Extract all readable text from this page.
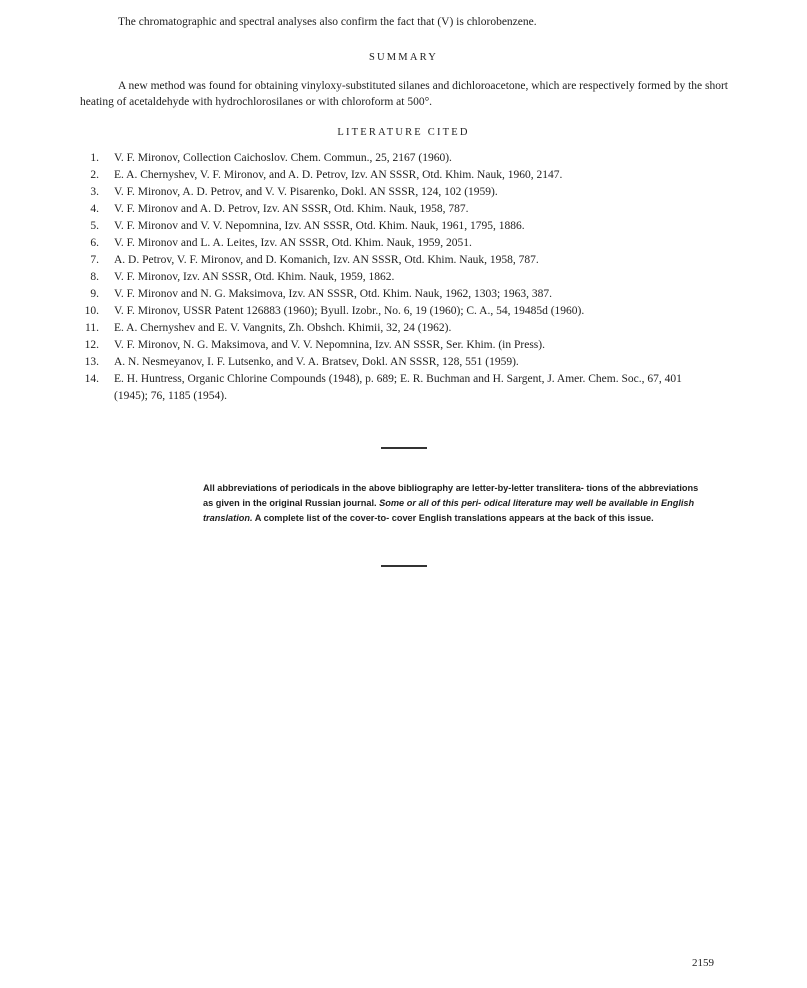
The chromatographic and spectral analyses also confirm the fact that (V) is chlorobenzene.
SUMMARY
A new method was found for obtaining vinyloxy-substituted silanes and dichloroacetone, which are respectively formed by the short heating of acetaldehyde with hydrochlorosilanes or with chloroform at 500°.
LITERATURE CITED
1. V. F. Mironov, Collection Caichoslov. Chem. Commun., 25, 2167 (1960).
2. E. A. Chernyshev, V. F. Mironov, and A. D. Petrov, Izv. AN SSSR, Otd. Khim. Nauk, 1960, 2147.
3. V. F. Mironov, A. D. Petrov, and V. V. Pisarenko, Dokl. AN SSSR, 124, 102 (1959).
4. V. F. Mironov and A. D. Petrov, Izv. AN SSSR, Otd. Khim. Nauk, 1958, 787.
5. V. F. Mironov and V. V. Nepomnina, Izv. AN SSSR, Otd. Khim. Nauk, 1961, 1795, 1886.
6. V. F. Mironov and L. A. Leites, Izv. AN SSSR, Otd. Khim. Nauk, 1959, 2051.
7. A. D. Petrov, V. F. Mironov, and D. Komanich, Izv. AN SSSR, Otd. Khim. Nauk, 1958, 787.
8. V. F. Mironov, Izv. AN SSSR, Otd. Khim. Nauk, 1959, 1862.
9. V. F. Mironov and N. G. Maksimova, Izv. AN SSSR, Otd. Khim. Nauk, 1962, 1303; 1963, 387.
10. V. F. Mironov, USSR Patent 126883 (1960); Byull. Izobr., No. 6, 19 (1960); C. A., 54, 19485d (1960).
11. E. A. Chernyshev and E. V. Vangnits, Zh. Obshch. Khimii, 32, 24 (1962).
12. V. F. Mironov, N. G. Maksimova, and V. V. Nepomnina, Izv. AN SSSR, Ser. Khim. (in Press).
13. A. N. Nesmeyanov, I. F. Lutsenko, and V. A. Bratsev, Dokl. AN SSSR, 128, 551 (1959).
14. E. H. Huntress, Organic Chlorine Compounds (1948), p. 689; E. R. Buchman and H. Sargent, J. Amer. Chem. Soc., 67, 401 (1945); 76, 1185 (1954).
All abbreviations of periodicals in the above bibliography are letter-by-letter translitera- tions of the abbreviations as given in the original Russian journal. Some or all of this peri- odical literature may well be available in English translation. A complete list of the cover-to- cover English translations appears at the back of this issue.
2159
